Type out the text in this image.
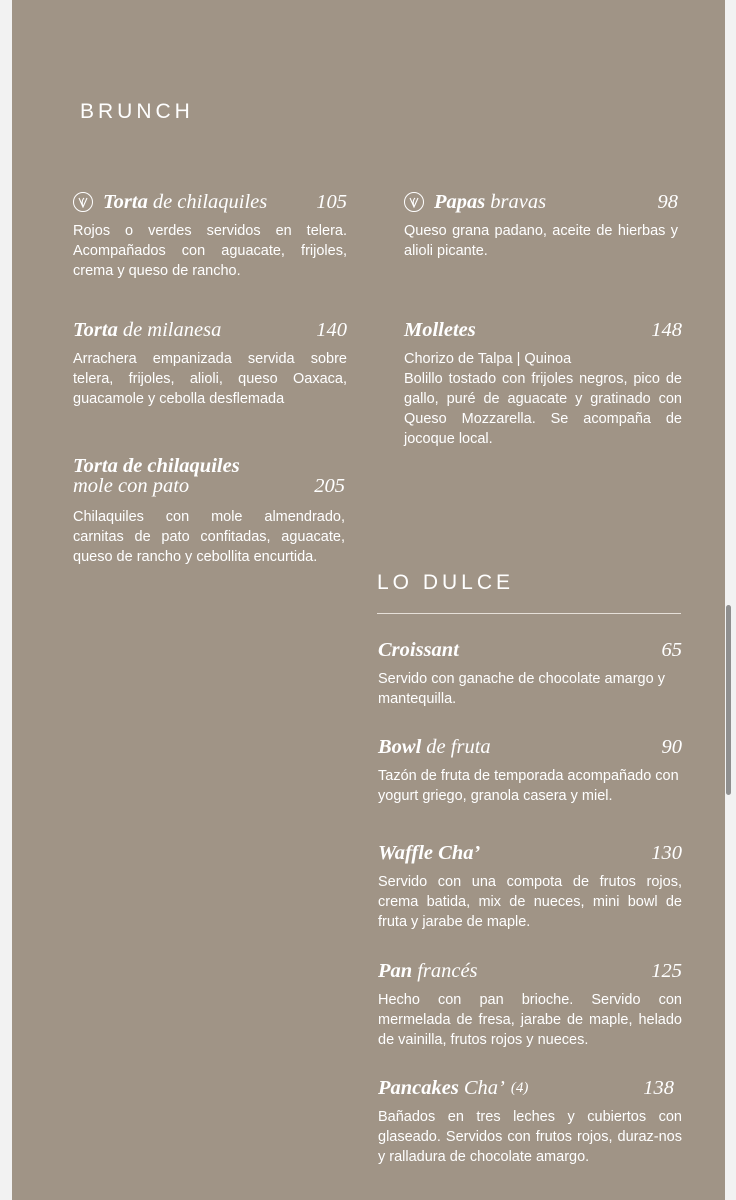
BRUNCH
Torta de chilaquiles 105
Rojos o verdes servidos en telera. Acompañados con aguacate, frijoles, crema y queso de rancho.
Papas bravas	98
Queso grana padano, aceite de hierbas y alioli picante.
Torta de milanesa	140
Arrachera empanizada servida sobre telera, frijoles, alioli, queso Oaxaca, guacamole y cebolla desflemada
Molletes	148
Chorizo de Talpa | Quinoa
Bolillo tostado con frijoles negros, pico de gallo, puré de aguacate y gratinado con Queso Mozzarella. Se acompaña de jocoque local.
Torta de chilaquiles
mole con pato	205
Chilaquiles con mole almendrado, carnitas de pato confitadas, aguacate, queso de rancho y cebollita encurtida.
LO DULCE
Croissant	65
Servido con ganache de chocolate amargo y mantequilla.
Bowl de fruta	90
Tazón de fruta de temporada acompañado con yogurt griego, granola casera y miel.
Waffle Cha’	130
Servido con una compota de frutos rojos, crema batida, mix de nueces, mini bowl de fruta y jarabe de maple.
Pan francés	125
Hecho con pan brioche. Servido con mermelada de fresa, jarabe de maple, helado de vainilla, frutos rojos y nueces.
Pancakes Cha’ (4)	138
Bañados en tres leches y cubiertos con glaseado. Servidos con frutos rojos, duraz-nos y ralladura de chocolate amargo.
